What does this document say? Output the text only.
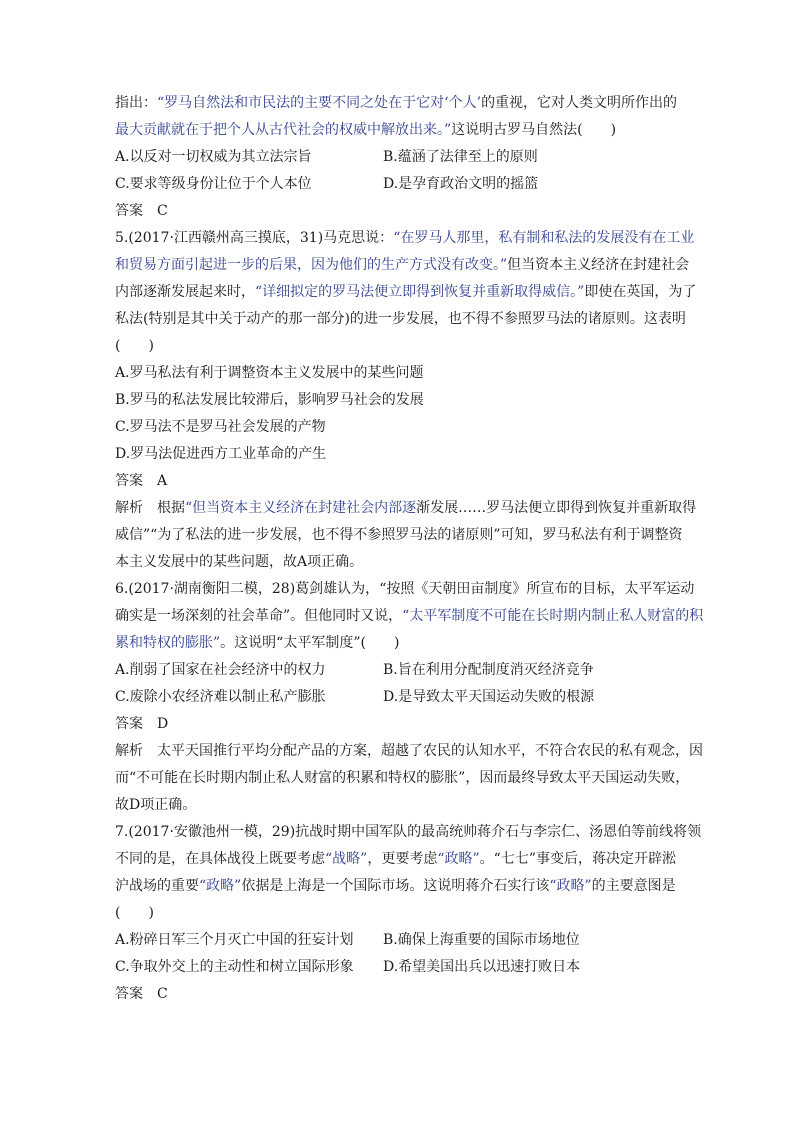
指出：“罗马自然法和市民法的主要不同之处在于它对‘个人’的重视，它对人类文明所作出的
最大贡献就在于把个人从古代社会的权威中解放出来。”这说明古罗马自然法(　　)
A.以反对一切权威为其立法宗旨	B.蕴涵了法律至上的原则
C.要求等级身份让位于个人本位	D.是孕育政治文明的摇篮
答案 C
5.(2017·江西赣州高三摸底，31)马克思说：“在罗马人那里，私有制和私法的发展没有在工业
和贸易方面引起进一步的后果，因为他们的生产方式没有改变。”但当资本主义经济在封建社会
内部逐渐发展起来时，“详细拟定的罗马法便立即得到恢复并重新取得威信。”即使在英国，为了
私法(特别是其中关于动产的那一部分)的进一步发展，也不得不参照罗马法的诸原则。这表明
(　　)
A.罗马私法有利于调整资本主义发展中的某些问题
B.罗马的私法发展比较滞后，影响罗马社会的发展
C.罗马法不是罗马社会发展的产物
D.罗马法促进西方工业革命的产生
答案 A
解析 根据“但当资本主义经济在封建社会内部逐渐发展……罗马法便立即得到恢复并重新取得
威信”“为了私法的进一步发展，也不得不参照罗马法的诸原则”可知，罗马私法有利于调整资
本主义发展中的某些问题，故A项正确。
6.(2017·湖南衡阳二模，28)葛剑雄认为，“按照《天朝田亩制度》所宣布的目标，太平军运动
确实是一场深刻的社会革命”。但他同时又说，“太平军制度不可能在长时期内制止私人财富的积
累和特权的膨胀”。这说明“太平军制度”(　　)
A.削弱了国家在社会经济中的权力	B.旨在利用分配制度消灭经济竞争
C.废除小农经济难以制止私产膨胀	D.是导致太平天国运动失败的根源
答案 D
解析 太平天国推行平均分配产品的方案，超越了农民的认知水平，不符合农民的私有观念，因
而“不可能在长时期内制止私人财富的积累和特权的膨胀”，因而最终导致太平天国运动失败，
故D项正确。
7.(2017·安徽池州一模，29)抗战时期中国军队的最高统帅蒋介石与李宗仁、汤恩伯等前线将领
不同的是，在具体战役上既要考虑“战略”，更要考虑“政略”。“七七”事变后，蒋决定开辟淞
沪战场的重要“政略”依据是上海是一个国际市场。这说明蒋介石实行该“政略”的主要意图是
(　　)
A.粉碎日军三个月灭亡中国的狂妄计划	B.确保上海重要的国际市场地位
C.争取外交上的主动性和树立国际形象	D.希望美国出兵以迅速打败日本
答案 C
